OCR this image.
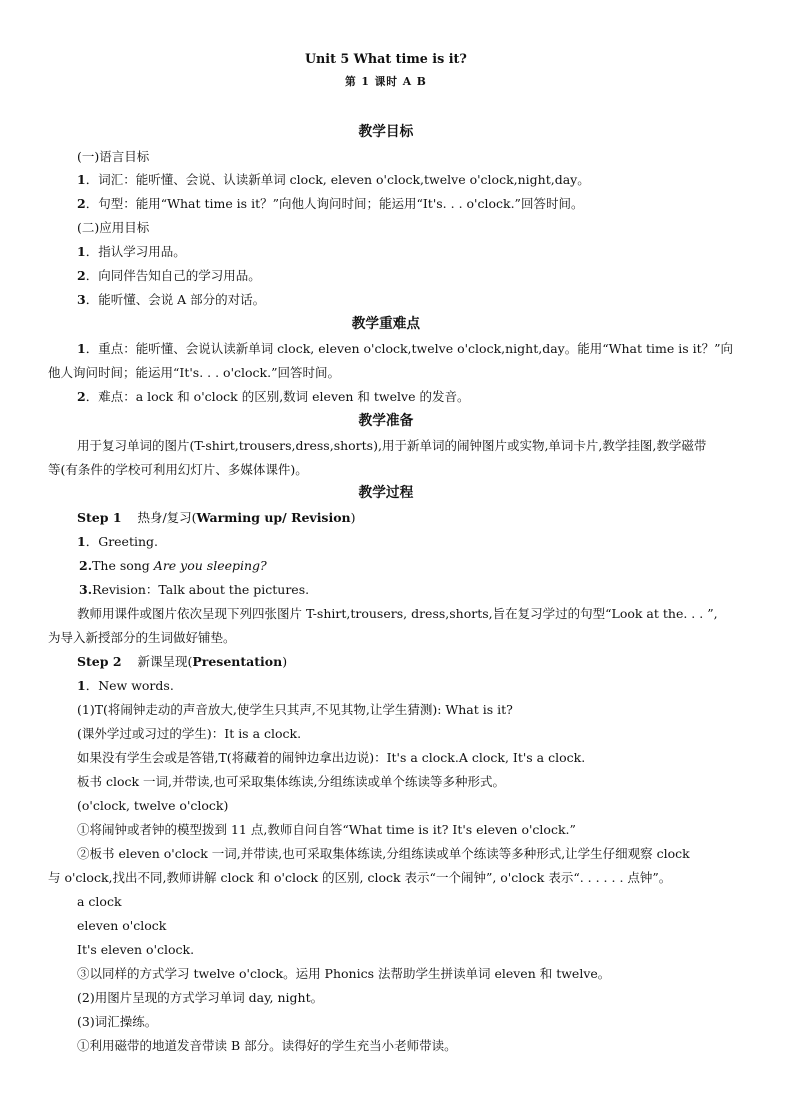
Unit 5 What time is it?
第 1 课时 A B
教学目标
(一)语言目标
1．词汇：能听懂、会说、认读新单词 clock, eleven o'clock,twelve o'clock,night,day。
2．句型：能用“What time is it？”向他人询问时间；能运用“It's. . . o'clock.”回答时间。
(二)应用目标
1．指认学习用品。
2．向同伴告知自己的学习用品。
3．能听懂、会说 A 部分的对话。
教学重难点
1．重点：能听懂、会说认读新单词 clock, eleven o'clock,twelve o'clock,night,day。能用“What time is it？”向
他人询问时间；能运用“It's. . . o'clock.”回答时间。
2．难点：a lock 和 o'clock 的区别,数词 eleven 和 twelve 的发音。
教学准备
用于复习单词的图片(T-shirt,trousers,dress,shorts),用于新单词的闹钟图片或实物,单词卡片,教学挂图,教学磁带
等(有条件的学校可利用幻灯片、多媒体课件)。
教学过程
Step 1 热身/复习(Warming up/ Revision)
1．Greeting.
2.The song Are you sleeping?
3.Revision：Talk about the pictures.
教师用课件或图片依次呈现下列四张图片 T-shirt,trousers, dress,shorts,旨在复习学过的句型“Look at the. . . ”,
为导入新授部分的生词做好铺垫。
Step 2 新课呈现(Presentation)
1．New words.
(1)T(将闹钟走动的声音放大,使学生只其声,不见其物,让学生猜测): What is it?
(课外学过或习过的学生)：It is a clock.
如果没有学生会或是答错,T(将藏着的闹钟边拿出边说)：It's a clock.A clock, It's a clock.
板书 clock 一词,并带读,也可采取集体练读,分组练读或单个练读等多种形式。
(o'clock, twelve o'clock)
①将闹钟或者钟的模型拨到 11 点,教师自问自答“What time is it? It's eleven o'clock.”
②板书 eleven o'clock 一词,并带读,也可采取集体练读,分组练读或单个练读等多种形式,让学生仔细观察 clock
与 o'clock,找出不同,教师讲解 clock 和 o'clock 的区别, clock 表示“一个闹钟”, o'clock 表示“. . . . . . 点钟”。
a clock
eleven o'clock
It's eleven o'clock.
③以同样的方式学习 twelve o'clock。运用 Phonics 法帮助学生拼读单词 eleven 和 twelve。
(2)用图片呈现的方式学习单词 day, night。
(3)词汇操练。
①利用磁带的地道发音带读 B 部分。读得好的学生充当小老师带读。
